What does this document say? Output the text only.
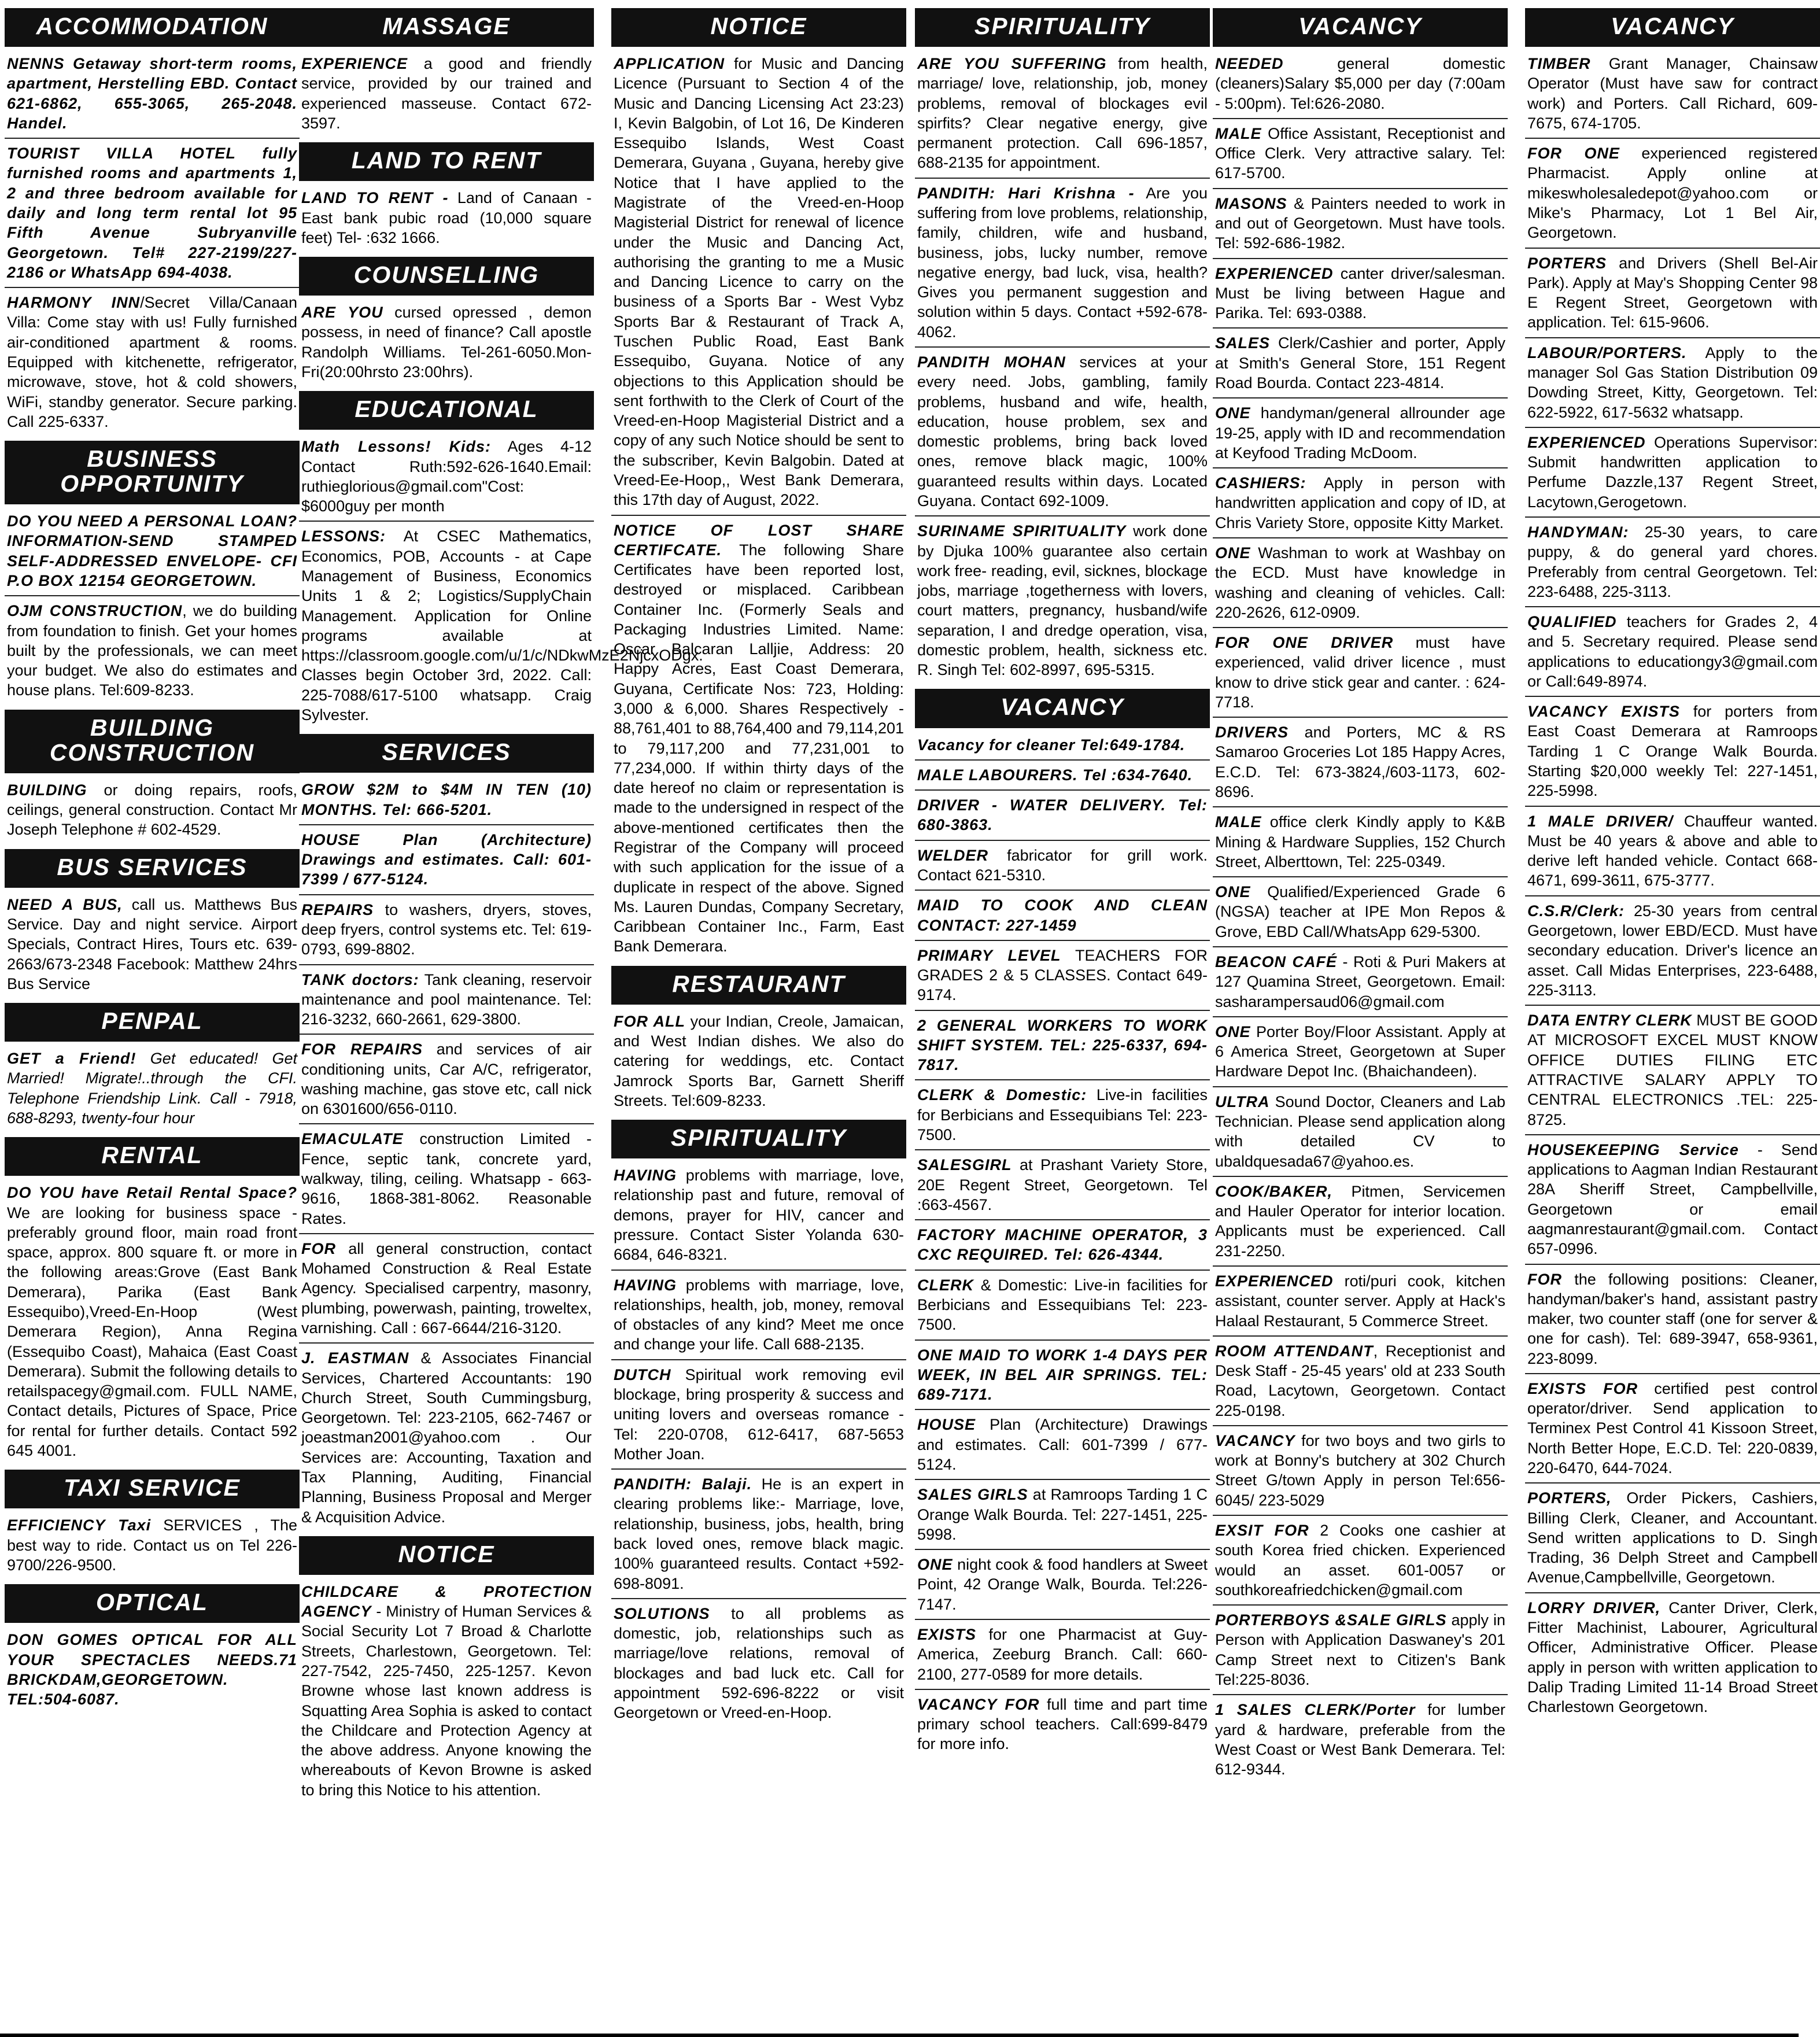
ACCOMMODATION
NENNS Getaway short-term rooms, apartment, Herstelling EBD. Contact 621-6862, 655-3065, 265-2048. Handel.
TOURIST VILLA HOTEL fully furnished rooms and apartments 1, 2 and three bedroom available for daily and long term rental lot 95 Fifth Avenue Subryanville Georgetown. Tel# 227-2199/227-2186 or WhatsApp 694-4038.
HARMONY INN/Secret Villa/Canaan Villa: Come stay with us! Fully furnished air-conditioned apartment & rooms. Equipped with kitchenette, refrigerator, microwave, stove, hot & cold showers, WiFi, standby generator. Secure parking. Call 225-6337.
BUSINESS OPPORTUNITY
DO YOU NEED A PERSONAL LOAN? INFORMATION-SEND STAMPED SELF-ADDRESSED ENVELOPE- CFI P.O BOX 12154 GEORGETOWN.
OJM CONSTRUCTION, we do building from foundation to finish. Get your homes built by the professionals, we can meet your budget. We also do estimates and house plans. Tel:609-8233.
BUILDING CONSTRUCTION
BUILDING or doing repairs, roofs, ceilings, general construction. Contact Mr Joseph Telephone # 602-4529.
BUS SERVICES
NEED A BUS, call us. Matthews Bus Service. Day and night service. Airport Specials, Contract Hires, Tours etc. 639-2663/673-2348 Facebook: Matthew 24hrs Bus Service
PENPAL
GET a Friend! Get educated! Get Married! Migrate!..through the CFI. Telephone Friendship Link. Call - 7918, 688-8293, twenty-four hour
RENTAL
DO YOU have Retail Rental Space? We are looking for business space - preferably ground floor, main road front space, approx. 800 square ft. or more in the following areas:Grove (East Bank Demerara), Parika (East Bank Essequibo),Vreed-En-Hoop (West Demerara Region), Anna Regina (Essequibo Coast), Mahaica (East Coast Demerara). Submit the following details to retailspacegy@gmail.com. FULL NAME, Contact details, Pictures of Space, Price for rental for further details. Contact 592 645 4001.
TAXI SERVICE
EFFICIENCY Taxi SERVICES , The best way to ride. Contact us on Tel 226-9700/226-9500.
OPTICAL
DON GOMES OPTICAL FOR ALL YOUR SPECTACLES NEEDS.71 BRICKDAM,GEORGETOWN. TEL:504-6087.
MASSAGE
EXPERIENCE a good and friendly service, provided by our trained and experienced masseuse. Contact 672-3597.
LAND TO RENT
LAND TO RENT - Land of Canaan - East bank pubic road (10,000 square feet) Tel- :632 1666.
COUNSELLING
ARE YOU cursed opressed , demon possess, in need of finance? Call apostle Randolph Williams. Tel-261-6050.Mon-Fri(20:00hrsto 23:00hrs).
EDUCATIONAL
Math Lessons! Kids: Ages 4-12 Contact Ruth:592-626-1640.Email: ruthieglorious@gmail.com"Cost: $6000guy per month
LESSONS: At CSEC Mathematics, Economics, POB, Accounts - at Cape Management of Business, Economics Units 1 & 2; Logistics/SupplyChain Management. Application for Online programs available at https://classroom.google.com/u/1/c/NDkwMzE2NjcxODgx. Classes begin October 3rd, 2022. Call: 225-7088/617-5100 whatsapp. Craig Sylvester.
SERVICES
GROW $2M to $4M IN TEN (10) MONTHS. Tel: 666-5201.
HOUSE Plan (Architecture) Drawings and estimates. Call: 601-7399 / 677-5124.
REPAIRS to washers, dryers, stoves, deep fryers, control systems etc. Tel: 619-0793, 699-8802.
TANK doctors: Tank cleaning, reservoir maintenance and pool maintenance. Tel: 216-3232, 660-2661, 629-3800.
FOR REPAIRS and services of air conditioning units, Car A/C, refrigerator, washing machine, gas stove etc, call nick on 6301600/656-0110.
EMACULATE construction Limited - Fence, septic tank, concrete yard, walkway, tiling, ceiling. Whatsapp - 663-9616, 1868-381-8062. Reasonable Rates.
FOR all general construction, contact Mohamed Construction & Real Estate Agency. Specialised carpentry, masonry, plumbing, powerwash, painting, troweltex, varnishing. Call : 667-6644/216-3120.
J. EASTMAN & Associates Financial Services, Chartered Accountants: 190 Church Street, South Cummingsburg, Georgetown. Tel: 223-2105, 662-7467 or joeastman2001@yahoo.com . Our Services are: Accounting, Taxation and Tax Planning, Auditing, Financial Planning, Business Proposal and Merger & Acquisition Advice.
NOTICE
CHILDCARE & PROTECTION AGENCY - Ministry of Human Services & Social Security Lot 7 Broad & Charlotte Streets, Charlestown, Georgetown. Tel: 227-7542, 225-7450, 225-1257. Kevon Browne whose last known address is Squatting Area Sophia is asked to contact the Childcare and Protection Agency at the above address. Anyone knowing the whereabouts of Kevon Browne is asked to bring this Notice to his attention.
NOTICE
APPLICATION for Music and Dancing Licence (Pursuant to Section 4 of the Music and Dancing Licensing Act 23:23) I, Kevin Balgobin, of Lot 16, De Kinderen Essequibo Islands, West Coast Demerara, Guyana , Guyana, hereby give Notice that I have applied to the Magistrate of the Vreed-en-Hoop Magisterial District for renewal of licence under the Music and Dancing Act, authorising the granting to me a Music and Dancing Licence to carry on the business of a Sports Bar - West Vybz Sports Bar & Restaurant of Track A, Tuschen Public Road, East Bank Essequibo, Guyana. Notice of any objections to this Application should be sent forthwith to the Clerk of Court of the Vreed-en-Hoop Magisterial District and a copy of any such Notice should be sent to the subscriber, Kevin Balgobin. Dated at Vreed-Ee-Hoop,, West Bank Demerara, this 17th day of August, 2022.
NOTICE OF LOST SHARE CERTIFCATE. The following Share Certificates have been reported lost, destroyed or misplaced. Caribbean Container Inc. (Formerly Seals and Packaging Industries Limited. Name: Oscar Balcaran Lalljie, Address: 20 Happy Acres, East Coast Demerara, Guyana, Certificate Nos: 723, Holding: 3,000 & 6,000. Shares Respectively - 88,761,401 to 88,764,400 and 79,114,201 to 79,117,200 and 77,231,001 to 77,234,000. If within thirty days of the date hereof no claim or representation is made to the undersigned in respect of the above-mentioned certificates then the Registrar of the Company will proceed with such application for the issue of a duplicate in respect of the above. Signed Ms. Lauren Dundas, Company Secretary, Caribbean Container Inc., Farm, East Bank Demerara.
RESTAURANT
FOR ALL your Indian, Creole, Jamaican, and West Indian dishes. We also do catering for weddings, etc. Contact Jamrock Sports Bar, Garnett Sheriff Streets. Tel:609-8233.
SPIRITUALITY
HAVING problems with marriage, love, relationship past and future, removal of demons, prayer for HIV, cancer and pressure. Contact Sister Yolanda 630-6684, 646-8321.
HAVING problems with marriage, love, relationships, health, job, money, removal of obstacles of any kind? Meet me once and change your life. Call 688-2135.
DUTCH Spiritual work removing evil blockage, bring prosperity & success and uniting lovers and overseas romance - Tel: 220-0708, 612-6417, 687-5653 Mother Joan.
PANDITH: Balaji. He is an expert in clearing problems like:- Marriage, love, relationship, business, jobs, health, bring back loved ones, remove black magic. 100% guaranteed results. Contact +592-698-8091.
SOLUTIONS to all problems as domestic, job, relationships such as marriage/love relations, removal of blockages and bad luck etc. Call for appointment 592-696-8222 or visit Georgetown or Vreed-en-Hoop.
SPIRITUALITY
ARE YOU SUFFERING from health, marriage/ love, relationship, job, money problems, removal of blockages evil spirfits? Clear negative energy, give permanent protection. Call 696-1857, 688-2135 for appointment.
PANDITH: Hari Krishna - Are you suffering from love problems, relationship, family, children, wife and husband, business, jobs, lucky number, remove negative energy, bad luck, visa, health? Gives you permanent suggestion and solution within 5 days. Contact +592-678-4062.
PANDITH MOHAN services at your every need. Jobs, gambling, family problems, husband and wife, health, education, house problem, sex and domestic problems, bring back loved ones, remove black magic, 100% guaranteed results within days. Located Guyana. Contact 692-1009.
SURINAME SPIRITUALITY work done by Djuka 100% guarantee also certain work free- reading, evil, sicknes, blockage jobs, marriage ,togetherness with lovers, court matters, pregnancy, husband/wife separation, I and dredge operation, visa, domestic problem, health, sickness etc. R. Singh Tel: 602-8997, 695-5315.
VACANCY
Vacancy for cleaner Tel:649-1784.
MALE LABOURERS. Tel :634-7640.
DRIVER - WATER DELIVERY. Tel: 680-3863.
WELDER fabricator for grill work. Contact 621-5310.
MAID TO COOK AND CLEAN CONTACT: 227-1459
PRIMARY LEVEL TEACHERS FOR GRADES 2 & 5 CLASSES. Contact 649-9174.
2 GENERAL WORKERS TO WORK SHIFT SYSTEM. TEL: 225-6337, 694-7817.
CLERK & Domestic: Live-in facilities for Berbicians and Essequibians Tel: 223-7500.
SALESGIRL at Prashant Variety Store, 20E Regent Street, Georgetown. Tel :663-4567.
FACTORY MACHINE OPERATOR, 3 CXC REQUIRED. Tel: 626-4344.
CLERK & Domestic: Live-in facilities for Berbicians and Essequibians Tel: 223-7500.
ONE MAID TO WORK 1-4 DAYS PER WEEK, IN BEL AIR SPRINGS. TEL: 689-7171.
HOUSE Plan (Architecture) Drawings and estimates. Call: 601-7399 / 677-5124.
SALES GIRLS at Ramroops Tarding 1 C Orange Walk Bourda. Tel: 227-1451, 225-5998.
ONE night cook & food handlers at Sweet Point, 42 Orange Walk, Bourda. Tel:226-7147.
EXISTS for one Pharmacist at Guy-America, Zeeburg Branch. Call: 660-2100, 277-0589 for more details.
VACANCY FOR full time and part time primary school teachers. Call:699-8479 for more info.
VACANCY
NEEDED general domestic (cleaners)Salary $5,000 per day (7:00am - 5:00pm). Tel:626-2080.
MALE Office Assistant, Receptionist and Office Clerk. Very attractive salary. Tel: 617-5700.
MASONS & Painters needed to work in and out of Georgetown. Must have tools. Tel: 592-686-1982.
EXPERIENCED canter driver/salesman. Must be living between Hague and Parika. Tel: 693-0388.
SALES Clerk/Cashier and porter, Apply at Smith's General Store, 151 Regent Road Bourda. Contact 223-4814.
ONE handyman/general allrounder age 19-25, apply with ID and recommendation at Keyfood Trading McDoom.
CASHIERS: Apply in person with handwritten application and copy of ID, at Chris Variety Store, opposite Kitty Market.
ONE Washman to work at Washbay on the ECD. Must have knowledge in washing and cleaning of vehicles. Call: 220-2626, 612-0909.
FOR ONE DRIVER must have experienced, valid driver licence , must know to drive stick gear and canter. : 624-7718.
DRIVERS and Porters, MC & RS Samaroo Groceries Lot 185 Happy Acres, E.C.D. Tel: 673-3824,/603-1173, 602-8696.
MALE office clerk Kindly apply to K&B Mining & Hardware Supplies, 152 Church Street, Alberttown, Tel: 225-0349.
ONE Qualified/Experienced Grade 6 (NGSA) teacher at IPE Mon Repos & Grove, EBD Call/WhatsApp 629-5300.
BEACON CAFÉ - Roti & Puri Makers at 127 Quamina Street, Georgetown. Email: sasharampersaud06@gmail.com
ONE Porter Boy/Floor Assistant. Apply at 6 America Street, Georgetown at Super Hardware Depot Inc. (Bhaichandeen).
ULTRA Sound Doctor, Cleaners and Lab Technician. Please send application along with detailed CV to ubaldquesada67@yahoo.es.
COOK/BAKER, Pitmen, Servicemen and Hauler Operator for interior location. Applicants must be experienced. Call 231-2250.
EXPERIENCED roti/puri cook, kitchen assistant, counter server. Apply at Hack's Halaal Restaurant, 5 Commerce Street.
ROOM ATTENDANT, Receptionist and Desk Staff - 25-45 years' old at 233 South Road, Lacytown, Georgetown. Contact 225-0198.
VACANCY for two boys and two girls to work at Bonny's butchery at 302 Church Street G/town Apply in person Tel:656-6045/ 223-5029
EXSIT FOR 2 Cooks one cashier at south Korea fried chicken. Experienced would an asset. 601-0057 or southkoreafriedchicken@gmail.com
PORTERBOYS &SALE GIRLS apply in Person with Application Daswaney's 201 Camp Street next to Citizen's Bank Tel:225-8036.
1 SALES CLERK/Porter for lumber yard & hardware, preferable from the West Coast or West Bank Demerara. Tel: 612-9344.
VACANCY
TIMBER Grant Manager, Chainsaw Operator (Must have saw for contract work) and Porters. Call Richard, 609-7675, 674-1705.
FOR ONE experienced registered Pharmacist. Apply online at mikeswholesaledepot@yahoo.com or Mike's Pharmacy, Lot 1 Bel Air, Georgetown.
PORTERS and Drivers (Shell Bel-Air Park). Apply at May's Shopping Center 98 E Regent Street, Georgetown with application. Tel: 615-9606.
LABOUR/PORTERS. Apply to the manager Sol Gas Station Distribution 09 Dowding Street, Kitty, Georgetown. Tel: 622-5922, 617-5632 whatsapp.
EXPERIENCED Operations Supervisor: Submit handwritten application to Perfume Dazzle,137 Regent Street, Lacytown,Gerogetown.
HANDYMAN: 25-30 years, to care puppy, & do general yard chores. Preferably from central Georgetown. Tel: 223-6488, 225-3113.
QUALIFIED teachers for Grades 2, 4 and 5. Secretary required. Please send applications to educationgy3@gmail.com or Call:649-8974.
VACANCY EXISTS for porters from East Coast Demerara at Ramroops Tarding 1 C Orange Walk Bourda. Starting $20,000 weekly Tel: 227-1451, 225-5998.
1 MALE DRIVER/ Chauffeur wanted. Must be 40 years & above and able to derive left handed vehicle. Contact 668-4671, 699-3611, 675-3777.
C.S.R/Clerk: 25-30 years from central Georgetown, lower EBD/ECD. Must have secondary education. Driver's licence an asset. Call Midas Enterprises, 223-6488, 225-3113.
DATA ENTRY CLERK MUST BE GOOD AT MICROSOFT EXCEL MUST KNOW OFFICE DUTIES FILING ETC ATTRACTIVE SALARY APPLY TO CENTRAL ELECTRONICS .TEL: 225-8725.
HOUSEKEEPING Service - Send applications to Aagman Indian Restaurant 28A Sheriff Street, Campbellville, Georgetown or email aagmanrestaurant@gmail.com. Contact 657-0996.
FOR the following positions: Cleaner, handyman/baker's hand, assistant pastry maker, two counter staff (one for server & one for cash). Tel: 689-3947, 658-9361, 223-8099.
EXISTS FOR certified pest control operator/driver. Send application to Terminex Pest Control 41 Kissoon Street, North Better Hope, E.C.D. Tel: 220-0839, 220-6470, 644-7024.
PORTERS, Order Pickers, Cashiers, Billing Clerk, Cleaner, and Accountant. Send written applications to D. Singh Trading, 36 Delph Street and Campbell Avenue,Campbellville, Georgetown.
LORRY DRIVER, Canter Driver, Clerk, Fitter Machinist, Labourer, Agricultural Officer, Administrative Officer. Please apply in person with written application to Dalip Trading Limited 11-14 Broad Street Charlestown Georgetown.
